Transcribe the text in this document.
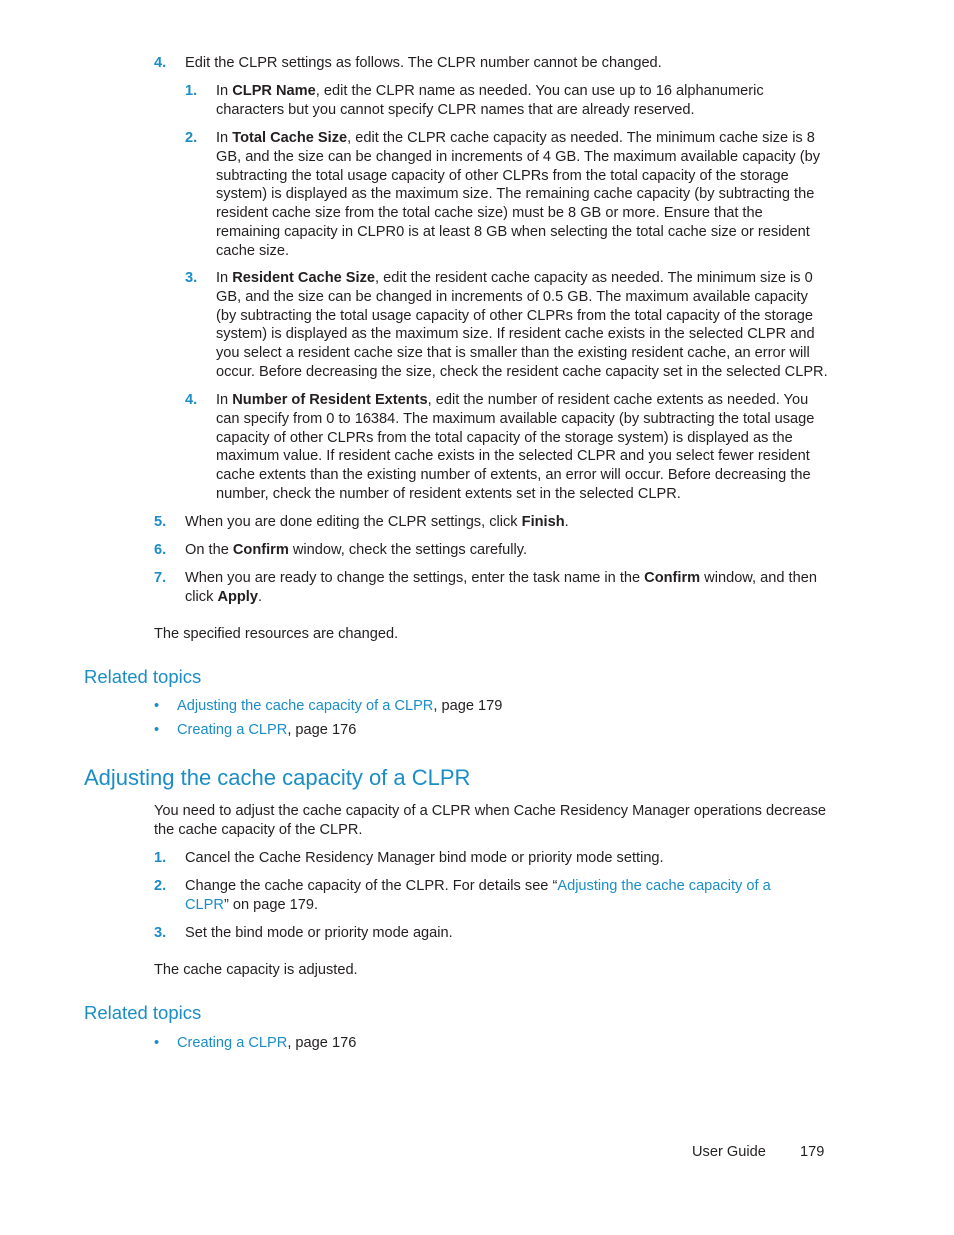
4. Edit the CLPR settings as follows. The CLPR number cannot be changed.
1. In CLPR Name, edit the CLPR name as needed. You can use up to 16 alphanumeric characters but you cannot specify CLPR names that are already reserved.
2. In Total Cache Size, edit the CLPR cache capacity as needed. The minimum cache size is 8 GB, and the size can be changed in increments of 4 GB. The maximum available capacity (by subtracting the total usage capacity of other CLPRs from the total capacity of the storage system) is displayed as the maximum size. The remaining cache capacity (by subtracting the resident cache size from the total cache size) must be 8 GB or more. Ensure that the remaining capacity in CLPR0 is at least 8 GB when selecting the total cache size or resident cache size.
3. In Resident Cache Size, edit the resident cache capacity as needed. The minimum size is 0 GB, and the size can be changed in increments of 0.5 GB. The maximum available capacity (by subtracting the total usage capacity of other CLPRs from the total capacity of the storage system) is displayed as the maximum size. If resident cache exists in the selected CLPR and you select a resident cache size that is smaller than the existing resident cache, an error will occur. Before decreasing the size, check the resident cache capacity set in the selected CLPR.
4. In Number of Resident Extents, edit the number of resident cache extents as needed. You can specify from 0 to 16384. The maximum available capacity (by subtracting the total usage capacity of other CLPRs from the total capacity of the storage system) is displayed as the maximum value. If resident cache exists in the selected CLPR and you select fewer resident cache extents than the existing number of extents, an error will occur. Before decreasing the number, check the number of resident extents set in the selected CLPR.
5. When you are done editing the CLPR settings, click Finish.
6. On the Confirm window, check the settings carefully.
7. When you are ready to change the settings, enter the task name in the Confirm window, and then click Apply.
The specified resources are changed.
Related topics
• Adjusting the cache capacity of a CLPR, page 179
• Creating a CLPR, page 176
Adjusting the cache capacity of a CLPR
You need to adjust the cache capacity of a CLPR when Cache Residency Manager operations decrease the cache capacity of the CLPR.
1. Cancel the Cache Residency Manager bind mode or priority mode setting.
2. Change the cache capacity of the CLPR. For details see “Adjusting the cache capacity of a CLPR” on page 179.
3. Set the bind mode or priority mode again.
The cache capacity is adjusted.
Related topics
• Creating a CLPR, page 176
User Guide 179
